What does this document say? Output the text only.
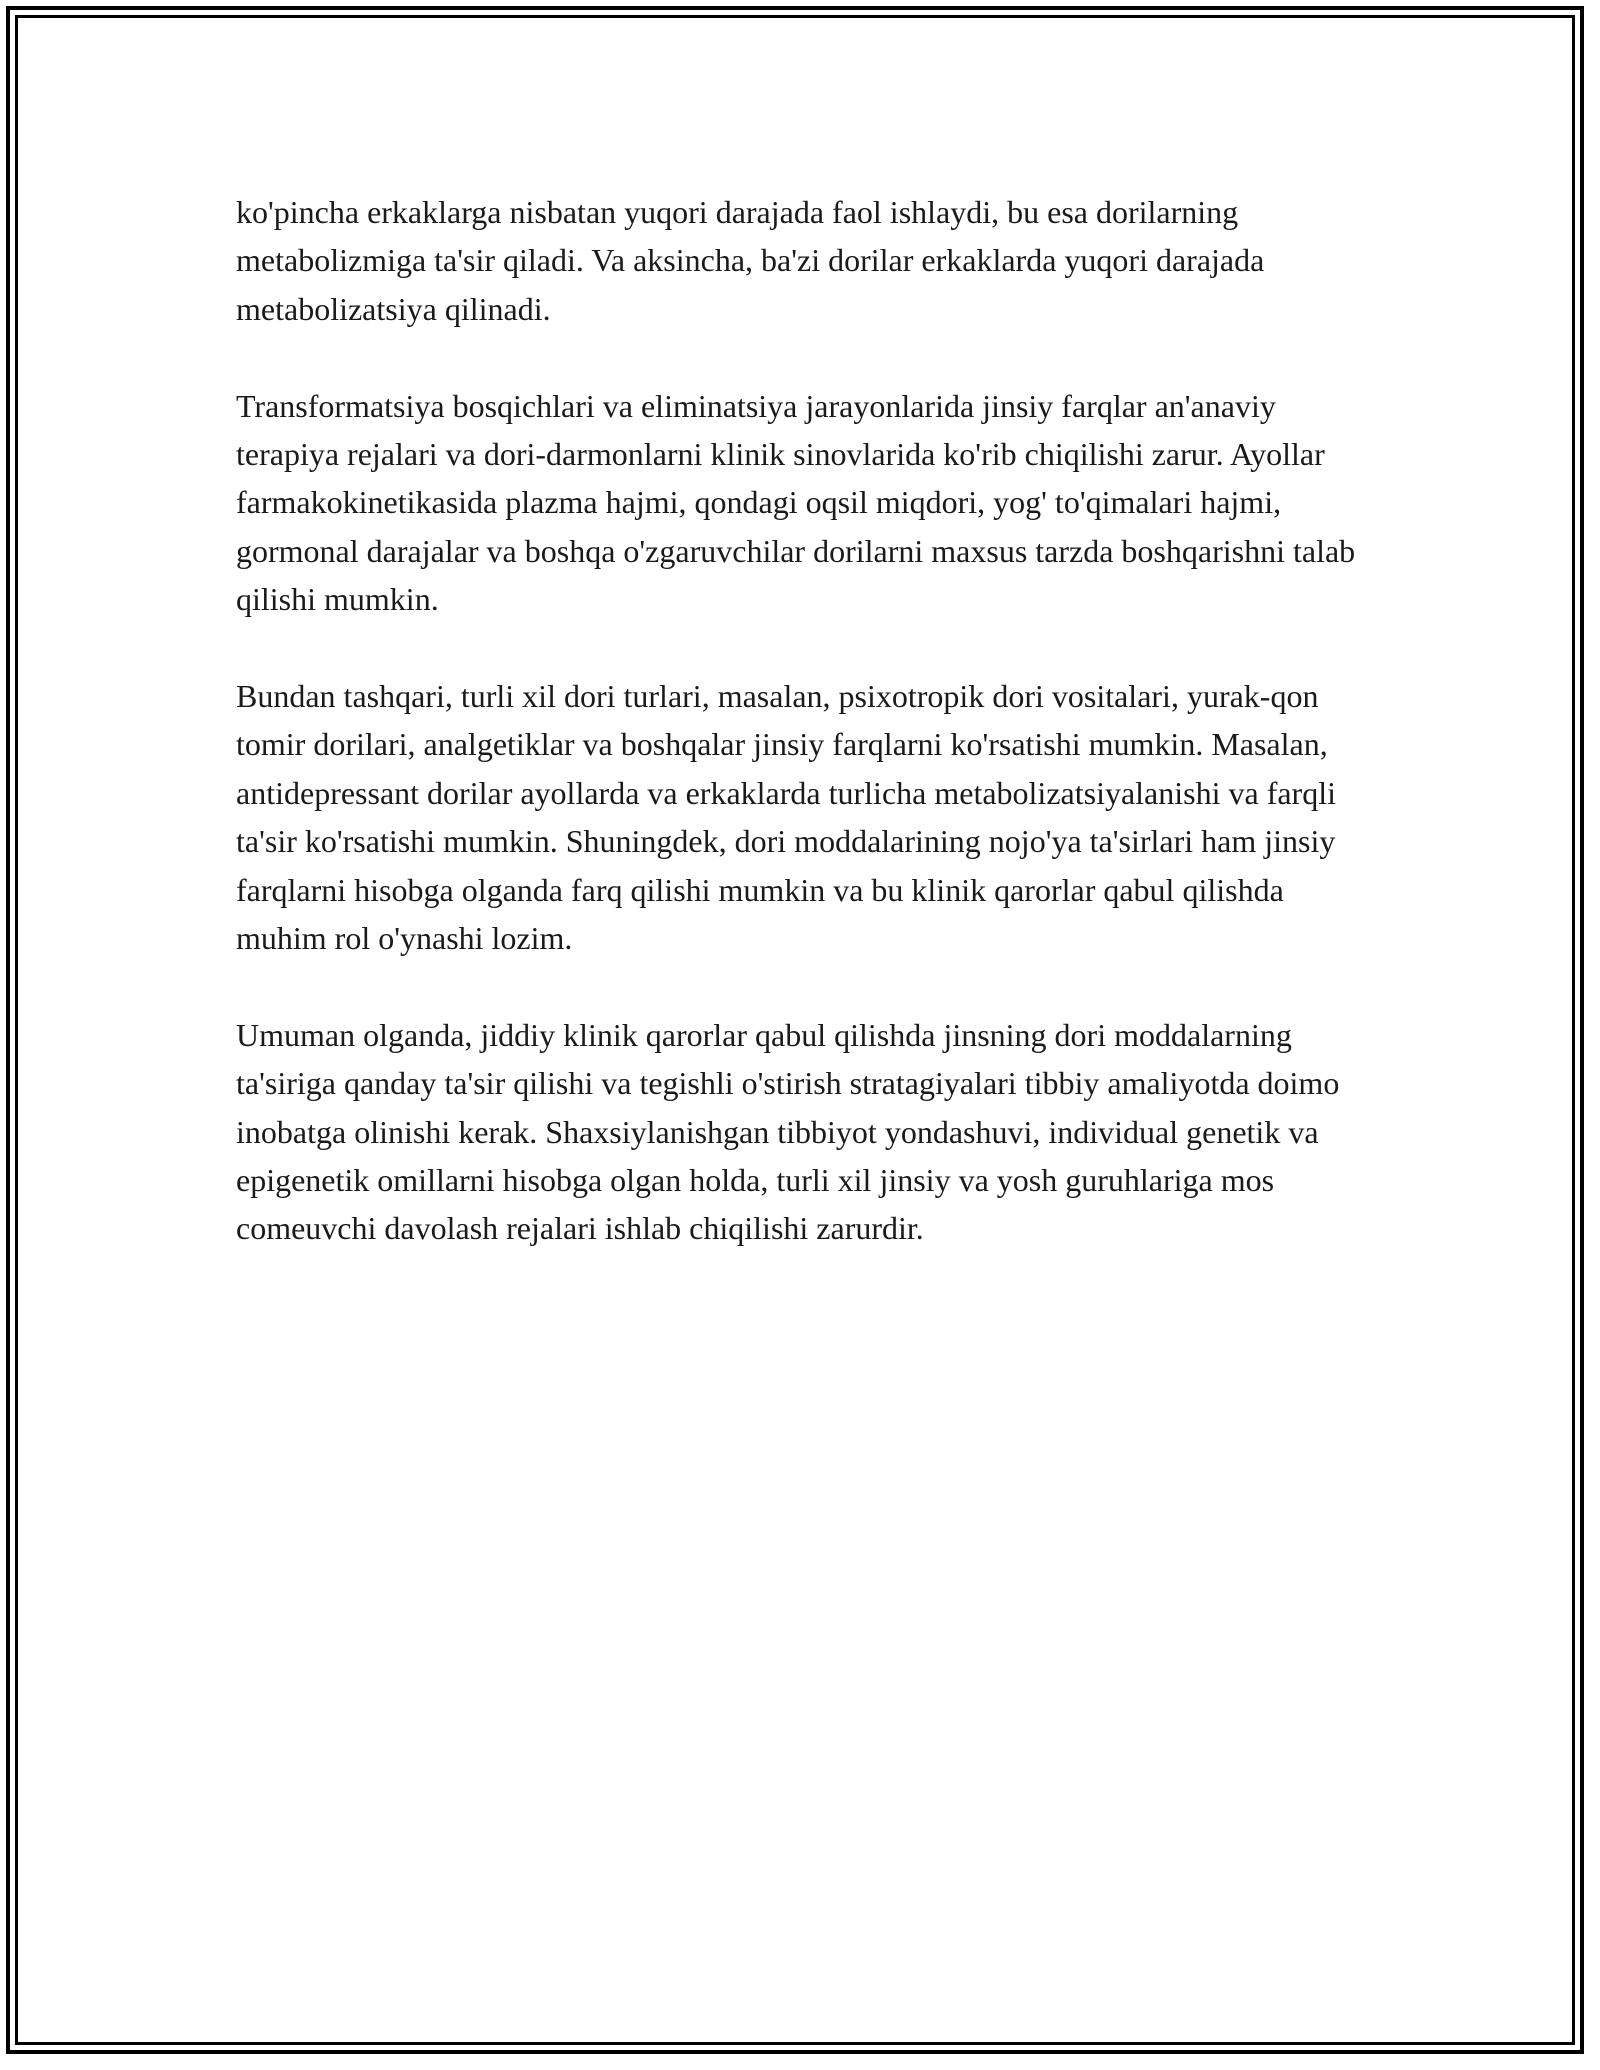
ko'pincha erkaklarga nisbatan yuqori darajada faol ishlaydi, bu esa dorilarning metabolizmiga ta'sir qiladi. Va aksincha, ba'zi dorilar erkaklarda yuqori darajada metabolizatsiya qilinadi.

Transformatsiya bosqichlari va eliminatsiya jarayonlarida jinsiy farqlar an'anaviy terapiya rejalari va dori-darmonlarni klinik sinovlarida ko'rib chiqilishi zarur. Ayollar farmakokinetikasida plazma hajmi, qondagi oqsil miqdori, yog' to'qimalari hajmi, gormonal darajalar va boshqa o'zgaruvchilar dorilarni maxsus tarzda boshqarishni talab qilishi mumkin.

Bundan tashqari, turli xil dori turlari, masalan, psixotropik dori vositalari, yurak-qon tomir dorilari, analgetiklar va boshqalar jinsiy farqlarni ko'rsatishi mumkin. Masalan, antidepressant dorilar ayollarda va erkaklarda turlicha metabolizatsiyalanishi va farqli ta'sir ko'rsatishi mumkin. Shuningdek, dori moddalarining nojo'ya ta'sirlari ham jinsiy farqlarni hisobga olganda farq qilishi mumkin va bu klinik qarorlar qabul qilishda muhim rol o'ynashi lozim.

Umuman olganda, jiddiy klinik qarorlar qabul qilishda jinsning dori moddalarning ta'siriga qanday ta'sir qilishi va tegishli o'stirish stratagiyalari tibbiy amaliyotda doimo inobatga olinishi kerak. Shaxsiylanishgan tibbiyot yondashuvi, individual genetik va epigenetik omillarni hisobga olgan holda, turli xil jinsiy va yosh guruhlariga mos comeuvchi davolash rejalari ishlab chiqilishi zarurdir.
